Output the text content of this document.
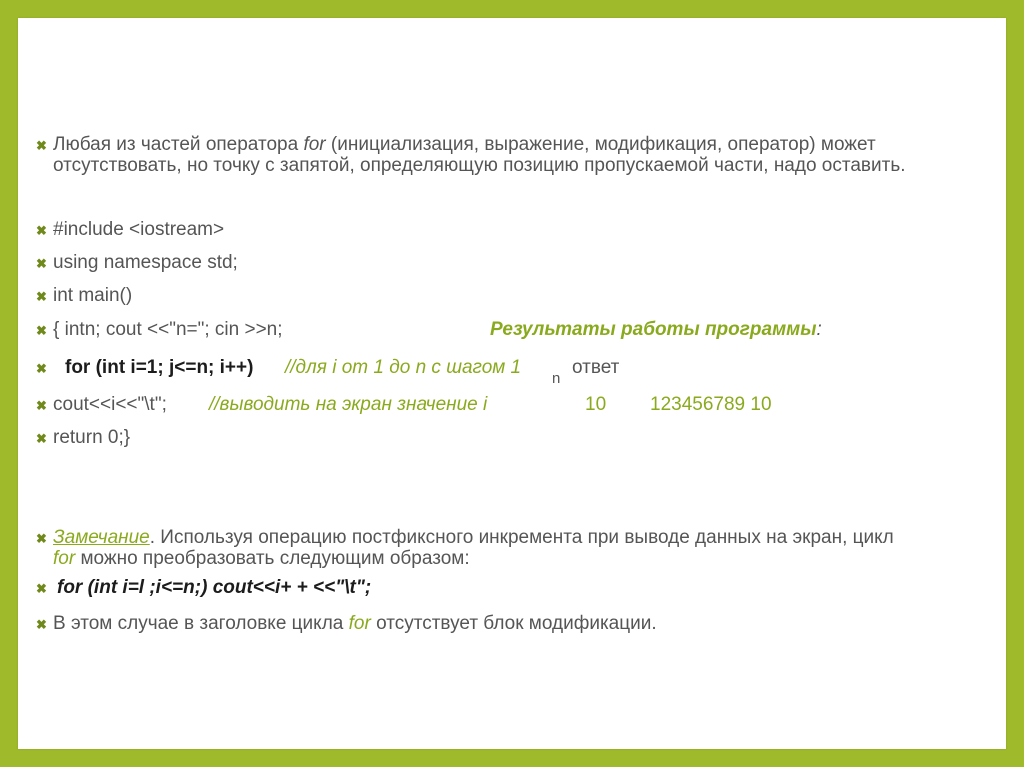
✖ Любая из частей оператора for (инициализация, выражение, модификация, оператор) может
отсутствовать, но точку с запятой, определяющую позицию пропускаемой части, надо оставить.
✖ #include <iostream>
✖ using namespace std;
✖ int main()
✖ { intn; cout <<"n="; cin >>n;	Результаты работы программы:
✖ for (int i=1; j<=n; i++) //для i от 1 до n с шагом 1
n
ответ
✖ cout<<i<<"\t"; //выводить на экран значение i	10 123456789 10
✖ return 0;}
✖ Замечание. Используя операцию постфиксного инкремента при выводе данных на экран, цикл
for можно преобразовать следующим образом:
✖ for (int i=l ;i<=n;) cout<<i+ + <<"\t";
✖ В этом случае в заголовке цикла for отсутствует блок модификации.
